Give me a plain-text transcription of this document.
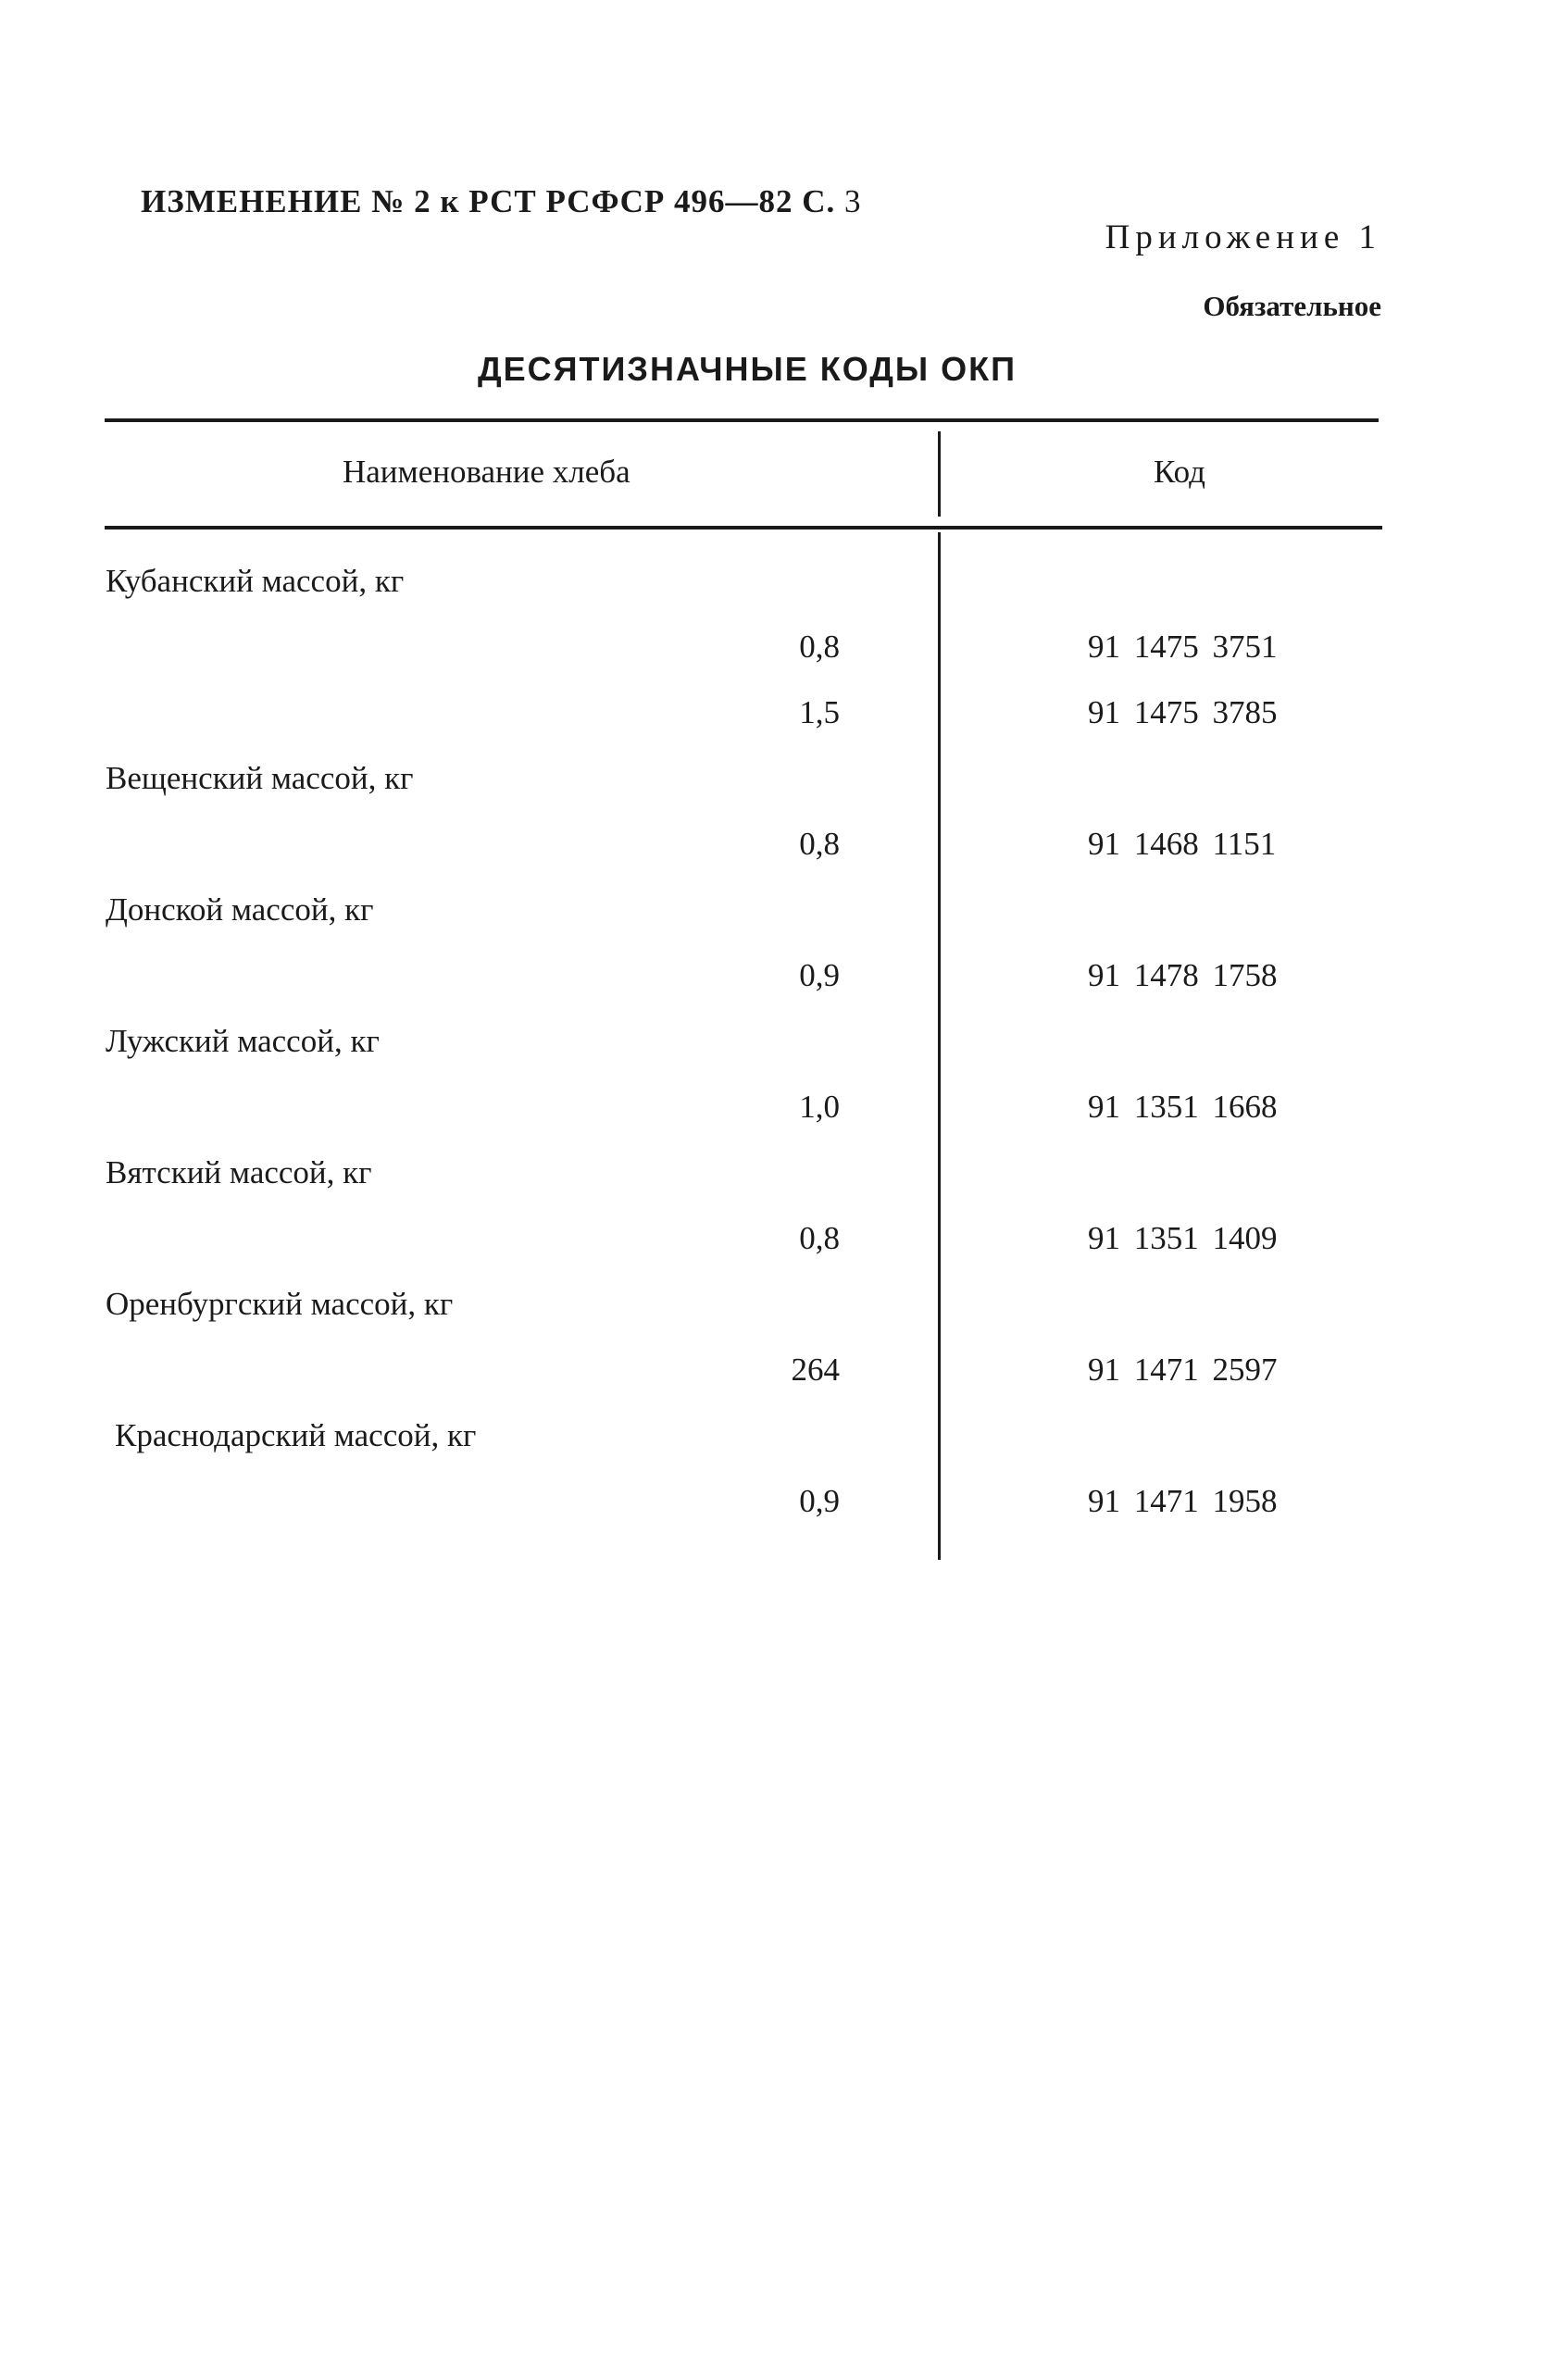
ИЗМЕНЕНИЕ № 2 к РСТ РСФСР 496—82 С. 3
Приложение 1
Обязательное
ДЕСЯТИЗНАЧНЫЕ КОДЫ ОКП
Наименование хлеба	Код
Кубанский массой, кг
0,8	91 1475 3751
1,5	91 1475 3785
Вещенский массой, кг
0,8	91 1468 1151
Донской массой, кг
0,9	91 1478 1758
Лужский массой, кг
1,0	91 1351 1668
Вятский массой, кг
0,8	91 1351 1409
Оренбургский массой, кг
264	91 1471 2597
Краснодарский массой, кг
0,9	91 1471 1958
